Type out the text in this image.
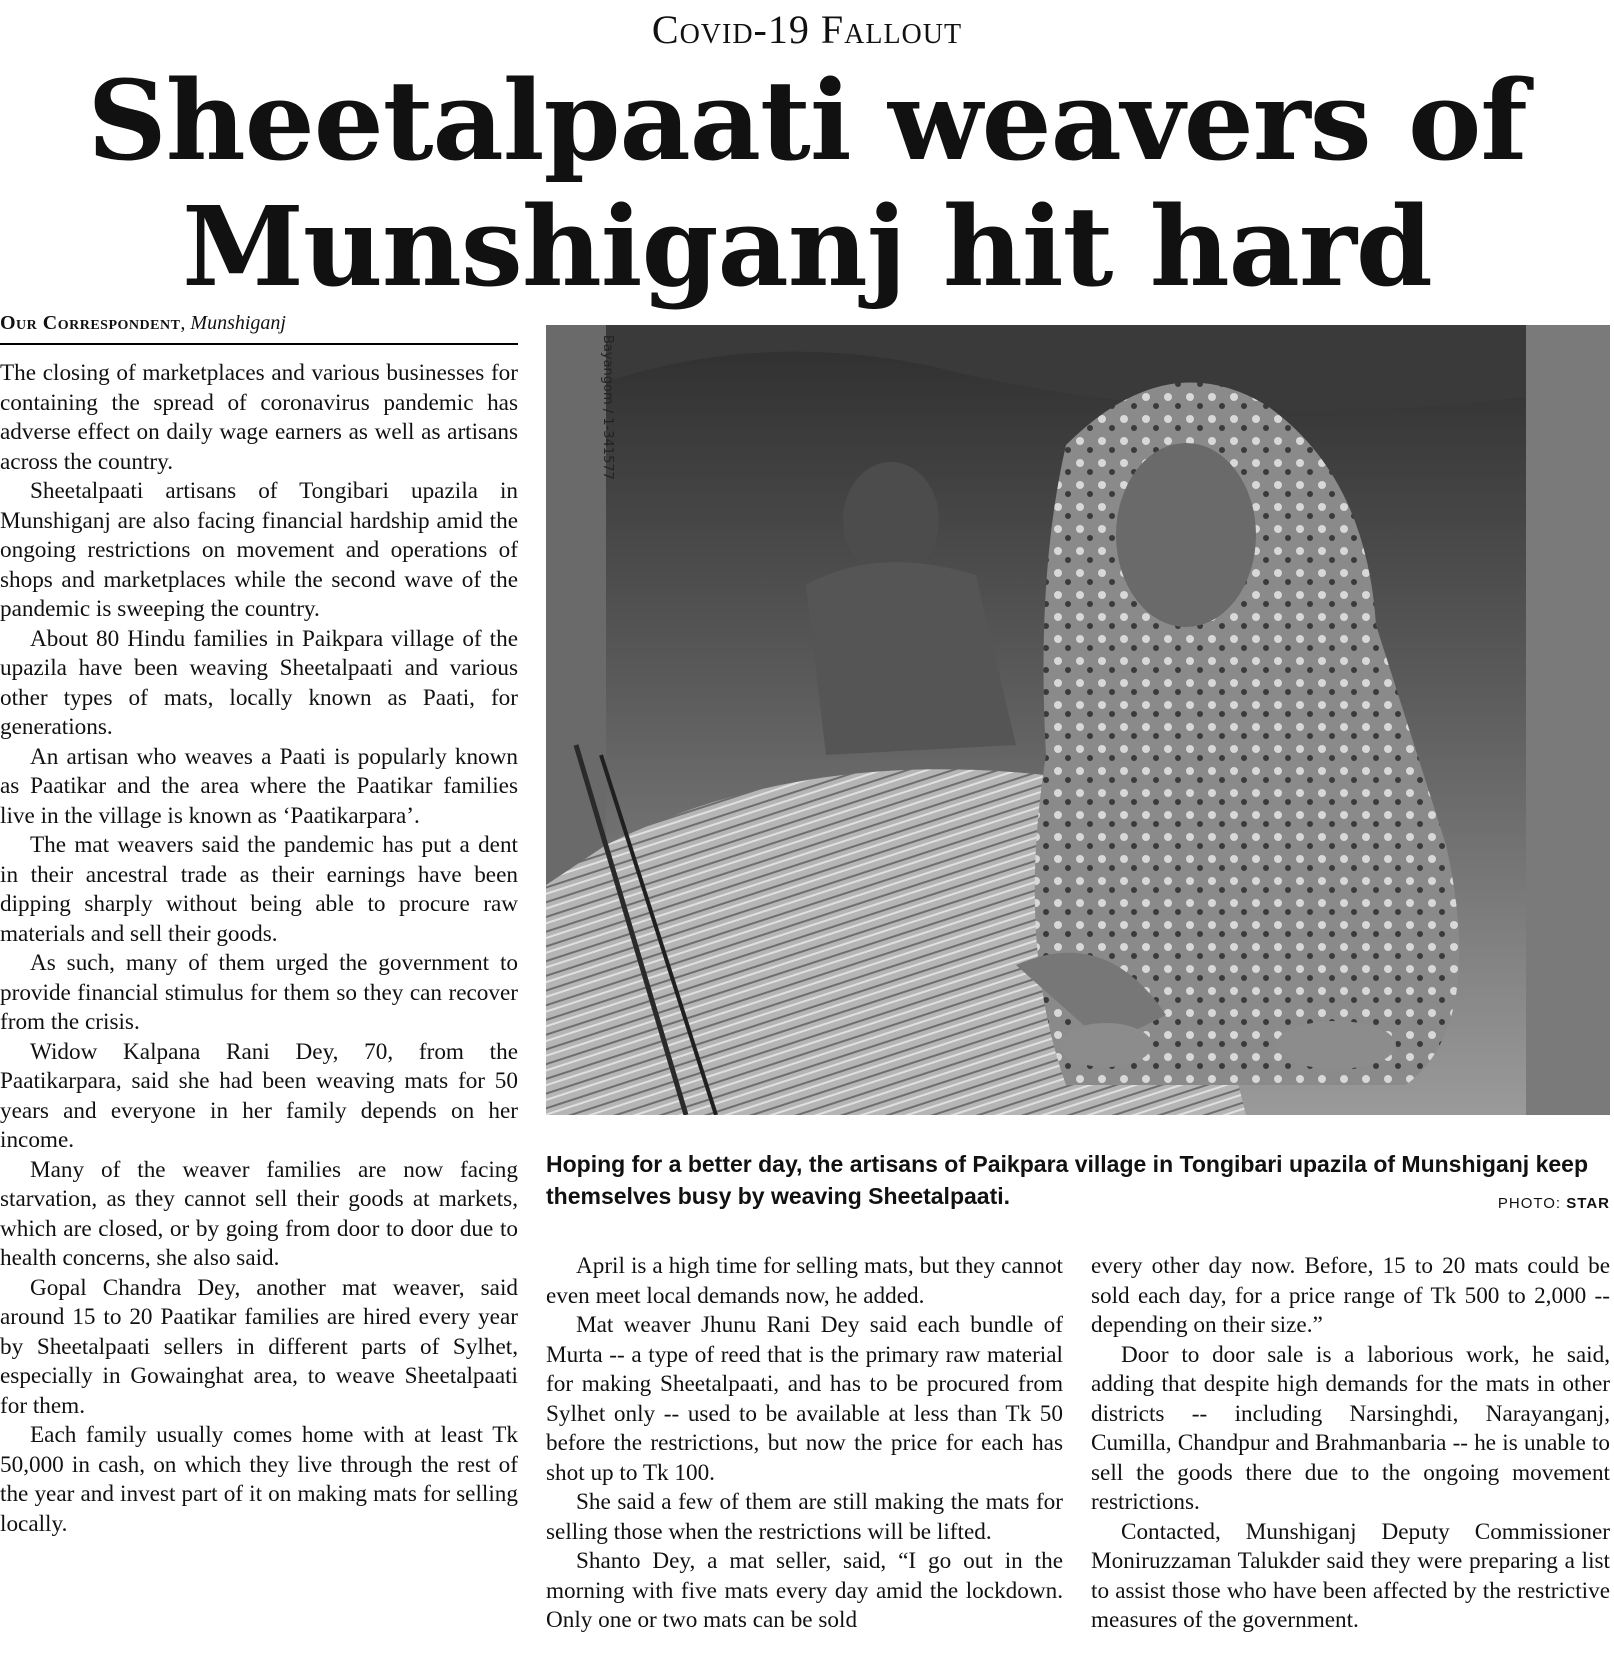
Covid-19 Fallout
Sheetalpaati weavers of
Munshiganj hit hard
Our Correspondent, Munshiganj

The closing of marketplaces and various businesses for containing the spread of coronavirus pandemic has adverse effect on daily wage earners as well as artisans across the country.

Sheetalpaati artisans of Tongibari upazila in Munshiganj are also facing financial hardship amid the ongoing restrictions on movement and operations of shops and marketplaces while the second wave of the pandemic is sweeping the country.

About 80 Hindu families in Paikpara village of the upazila have been weaving Sheetalpaati and various other types of mats, locally known as Paati, for generations.

An artisan who weaves a Paati is popularly known as Paatikar and the area where the Paatikar families live in the village is known as ‘Paatikarpara’.

The mat weavers said the pandemic has put a dent in their ancestral trade as their earnings have been dipping sharply without being able to procure raw materials and sell their goods.

As such, many of them urged the government to provide financial stimulus for them so they can recover from the crisis.

Widow Kalpana Rani Dey, 70, from the Paatikarpara, said she had been weaving mats for 50 years and everyone in her family depends on her income.

Many of the weaver families are now facing starvation, as they cannot sell their goods at markets, which are closed, or by going from door to door due to health concerns, she also said.

Gopal Chandra Dey, another mat weaver, said around 15 to 20 Paatikar families are hired every year by Sheetalpaati sellers in different parts of Sylhet, especially in Gowainghat area, to weave Sheetalpaati for them.

Each family usually comes home with at least Tk 50,000 in cash, on which they live through the rest of the year and invest part of it on making mats for selling locally.

Bayangom / 1-341577
Hoping for a better day, the artisans of Paikpara village in Tongibari upazila of Munshiganj keep themselves busy by weaving Sheetalpaati.	PHOTO: STAR

April is a high time for selling mats, but they cannot even meet local demands now, he added.

Mat weaver Jhunu Rani Dey said each bundle of Murta -- a type of reed that is the primary raw material for making Sheetalpaati, and has to be procured from Sylhet only -- used to be available at less than Tk 50 before the restrictions, but now the price for each has shot up to Tk 100.

She said a few of them are still making the mats for selling those when the restrictions will be lifted.

Shanto Dey, a mat seller, said, “I go out in the morning with five mats every day amid the lockdown. Only one or two mats can be sold

every other day now. Before, 15 to 20 mats could be sold each day, for a price range of Tk 500 to 2,000 -- depending on their size.”

Door to door sale is a laborious work, he said, adding that despite high demands for the mats in other districts -- including Narsinghdi, Narayanganj, Cumilla, Chandpur and Brahmanbaria -- he is unable to sell the goods there due to the ongoing movement restrictions.

Contacted, Munshiganj Deputy Commissioner Moniruzzaman Talukder said they were preparing a list to assist those who have been affected by the restrictive measures of the government.
